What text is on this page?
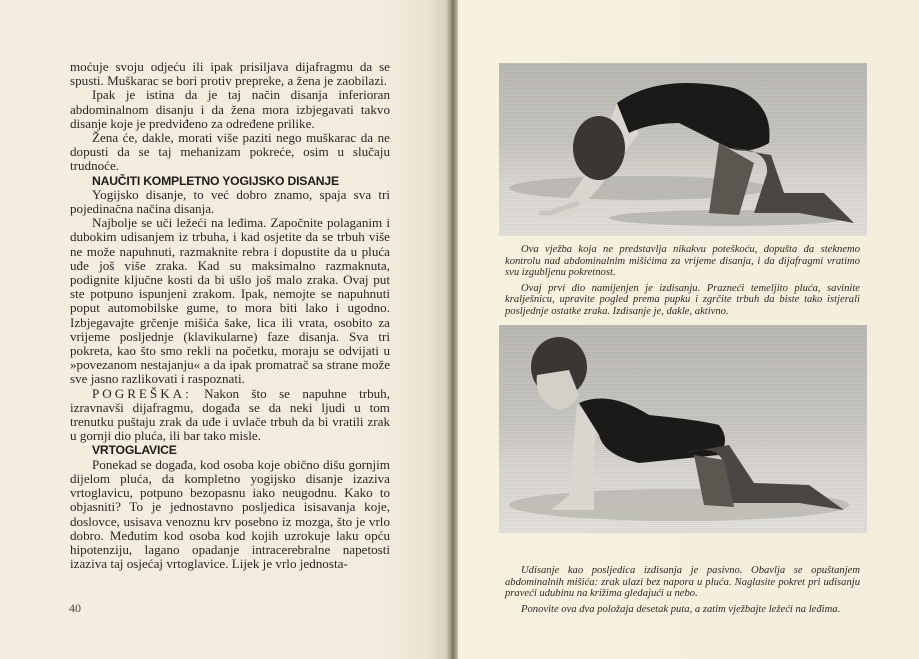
moćuje svoju odjeću ili ipak prisiljava dijafragmu da se spusti. Muškarac se bori protiv prepreke, a žena je zaobilazi.

Ipak je istina da je taj način disanja inferioran abdominalnom disanju i da žena mora izbjegavati takvo disanje koje je predviđeno za određene prilike.

Žena će, dakle, morati više paziti nego muškarac da ne dopusti da se taj mehanizam pokreće, osim u slučaju trudnoće.

NAUČITI KOMPLETNO YOGIJSKO DISANJE

Yogijsko disanje, to već dobro znamo, spaja sva tri pojedinačna načina disanja.

Najbolje se uči ležeći na leđima. Započnite polaganim i dubokim udisanjem iz trbuha, i kad osjetite da se trbuh više ne može napuhnuti, razmaknite rebra i dopustite da u pluća uđe još više zraka. Kad su maksimalno razmaknuta, podignite ključne kosti da bi ušlo još malo zraka. Ovaj put ste potpuno ispunjeni zrakom. Ipak, nemojte se napuhnuti poput automobilske gume, to mora biti lako i ugodno. Izbjegavajte grčenje mišića šake, lica ili vrata, osobito za vrijeme posljednje (klavikularne) faze disanja. Sva tri pokreta, kao što smo rekli na početku, moraju se odvijati u »povezanom nestajanju« a da ipak promatrač sa strane može sve jasno razlikovati i raspoznati.

POGREŠKA: Nakon što se napuhne trbuh, izravnavši dijafragmu, događa se da neki ljudi u tom trenutku puštaju zrak da uđe i uvlače trbuh da bi vratili zrak u gornji dio pluća, ili bar tako misle.

VRTOGLAVICE

Ponekad se događa, kod osoba koje obično dišu gornjim dijelom pluća, da kompletno yogijsko disanje izaziva vrtoglavicu, potpuno bezopasnu iako neugodnu. Kako to objasniti? To je jednostavno posljedica isisavanja koje, doslovce, usisava venoznu krv posebno iz mozga, što je vrlo dobro. Međutim kod osoba kod kojih uzrokuje laku opću hipotenziju, lagano opadanje intracerebralne napetosti izaziva taj osjećaj vrtoglavice. Lijek je vrlo jednosta-

40

Ova vježba koja ne predstavlja nikakvu poteškoću, dopušta da steknemo kontrolu nad abdominalnim mišićima za vrijeme disanja, i da dijafragmi vratimo svu izgubljenu pokretnost.

Ovaj prvi dio namijenjen je izdisanju. Prazneći temeljito pluća, savinite kralješnicu, upravite pogled prema pupku i zgrčite trbuh da biste tako istjerali posljednje ostatke zraka. Izdisanje je, dakle, aktivno.

Udisanje kao posljedica izdisanja je pasivno. Obavlja se opuštanjem abdominalnih mišića: zrak ulazi bez napora u pluća. Naglasite pokret pri udisanju praveći udubinu na križima gledajući u nebo.

Ponovite ova dva položaja desetak puta, a zatim vježbajte ležeći na leđima.
